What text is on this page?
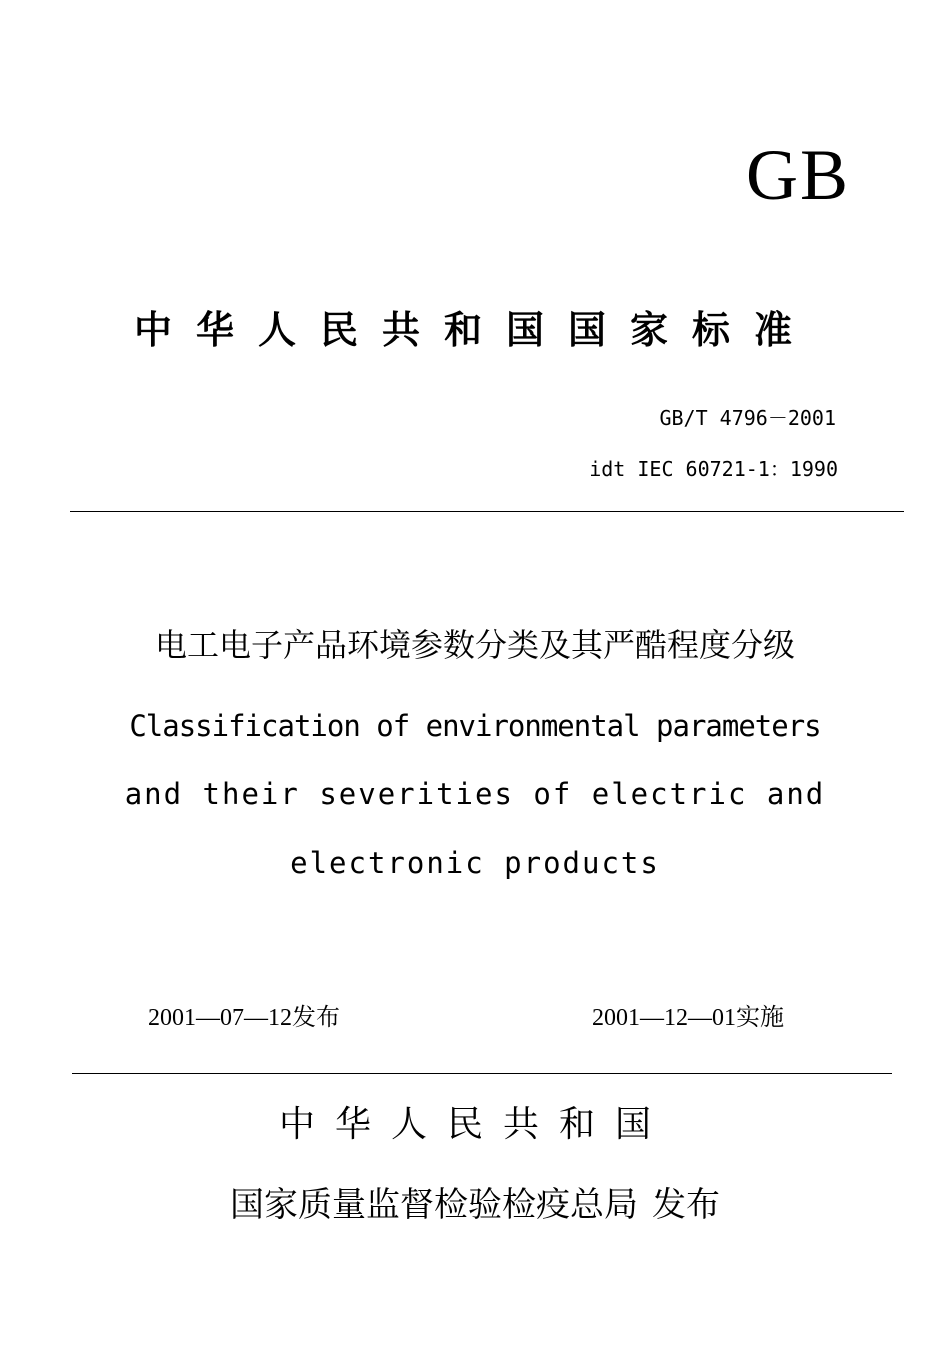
GB
中华人民共和国国家标准
GB/T 4796－2001
idt IEC 60721-1：1990
电工电子产品环境参数分类及其严酷程度分级
Classification of environmental parameters
and their severities of electric and
electronic products
2001—07—12发布	2001—12—01实施
中华人民共和国
国家质量监督检验检疫总局 发布
